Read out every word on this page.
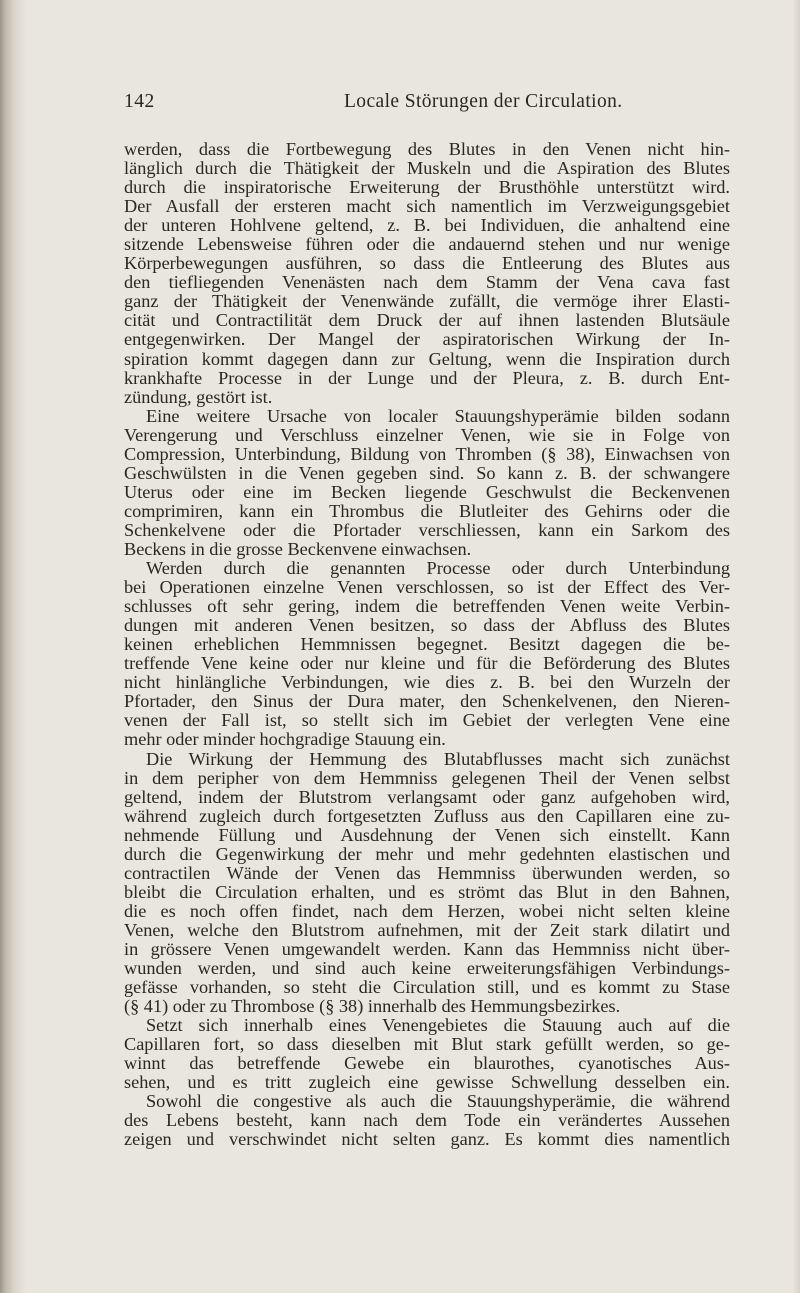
142	Locale Störungen der Circulation.
werden, dass die Fortbewegung des Blutes in den Venen nicht hin-
länglich durch die Thätigkeit der Muskeln und die Aspiration des Blutes
durch die inspiratorische Erweiterung der Brusthöhle unterstützt wird.
Der Ausfall der ersteren macht sich namentlich im Verzweigungsgebiet
der unteren Hohlvene geltend, z. B. bei Individuen, die anhaltend eine
sitzende Lebensweise führen oder die andauernd stehen und nur wenige
Körperbewegungen ausführen, so dass die Entleerung des Blutes aus
den tiefliegenden Venenästen nach dem Stamm der Vena cava fast
ganz der Thätigkeit der Venenwände zufällt, die vermöge ihrer Elasti-
cität und Contractilität dem Druck der auf ihnen lastenden Blutsäule
entgegenwirken. Der Mangel der aspiratorischen Wirkung der In-
spiration kommt dagegen dann zur Geltung, wenn die Inspiration durch
krankhafte Processe in der Lunge und der Pleura, z. B. durch Ent-
zündung, gestört ist.
Eine weitere Ursache von localer Stauungshyperämie bilden sodann
Verengerung und Verschluss einzelner Venen, wie sie in Folge von
Compression, Unterbindung, Bildung von Thromben (§ 38), Einwachsen von
Geschwülsten in die Venen gegeben sind. So kann z. B. der schwangere
Uterus oder eine im Becken liegende Geschwulst die Beckenvenen
comprimiren, kann ein Thrombus die Blutleiter des Gehirns oder die
Schenkelvene oder die Pfortader verschliessen, kann ein Sarkom des
Beckens in die grosse Beckenvene einwachsen.
Werden durch die genannten Processe oder durch Unterbindung
bei Operationen einzelne Venen verschlossen, so ist der Effect des Ver-
schlusses oft sehr gering, indem die betreffenden Venen weite Verbin-
dungen mit anderen Venen besitzen, so dass der Abfluss des Blutes
keinen erheblichen Hemmnissen begegnet. Besitzt dagegen die be-
treffende Vene keine oder nur kleine und für die Beförderung des Blutes
nicht hinlängliche Verbindungen, wie dies z. B. bei den Wurzeln der
Pfortader, den Sinus der Dura mater, den Schenkelvenen, den Nieren-
venen der Fall ist, so stellt sich im Gebiet der verlegten Vene eine
mehr oder minder hochgradige Stauung ein.
Die Wirkung der Hemmung des Blutabflusses macht sich zunächst
in dem peripher von dem Hemmniss gelegenen Theil der Venen selbst
geltend, indem der Blutstrom verlangsamt oder ganz aufgehoben wird,
während zugleich durch fortgesetzten Zufluss aus den Capillaren eine zu-
nehmende Füllung und Ausdehnung der Venen sich einstellt. Kann
durch die Gegenwirkung der mehr und mehr gedehnten elastischen und
contractilen Wände der Venen das Hemmniss überwunden werden, so
bleibt die Circulation erhalten, und es strömt das Blut in den Bahnen,
die es noch offen findet, nach dem Herzen, wobei nicht selten kleine
Venen, welche den Blutstrom aufnehmen, mit der Zeit stark dilatirt und
in grössere Venen umgewandelt werden. Kann das Hemmniss nicht über-
wunden werden, und sind auch keine erweiterungsfähigen Verbindungs-
gefässe vorhanden, so steht die Circulation still, und es kommt zu Stase
(§ 41) oder zu Thrombose (§ 38) innerhalb des Hemmungsbezirkes.
Setzt sich innerhalb eines Venengebietes die Stauung auch auf die
Capillaren fort, so dass dieselben mit Blut stark gefüllt werden, so ge-
winnt das betreffende Gewebe ein blaurothes, cyanotisches Aus-
sehen, und es tritt zugleich eine gewisse Schwellung desselben ein.
Sowohl die congestive als auch die Stauungshyperämie, die während
des Lebens besteht, kann nach dem Tode ein verändertes Aussehen
zeigen und verschwindet nicht selten ganz. Es kommt dies namentlich
